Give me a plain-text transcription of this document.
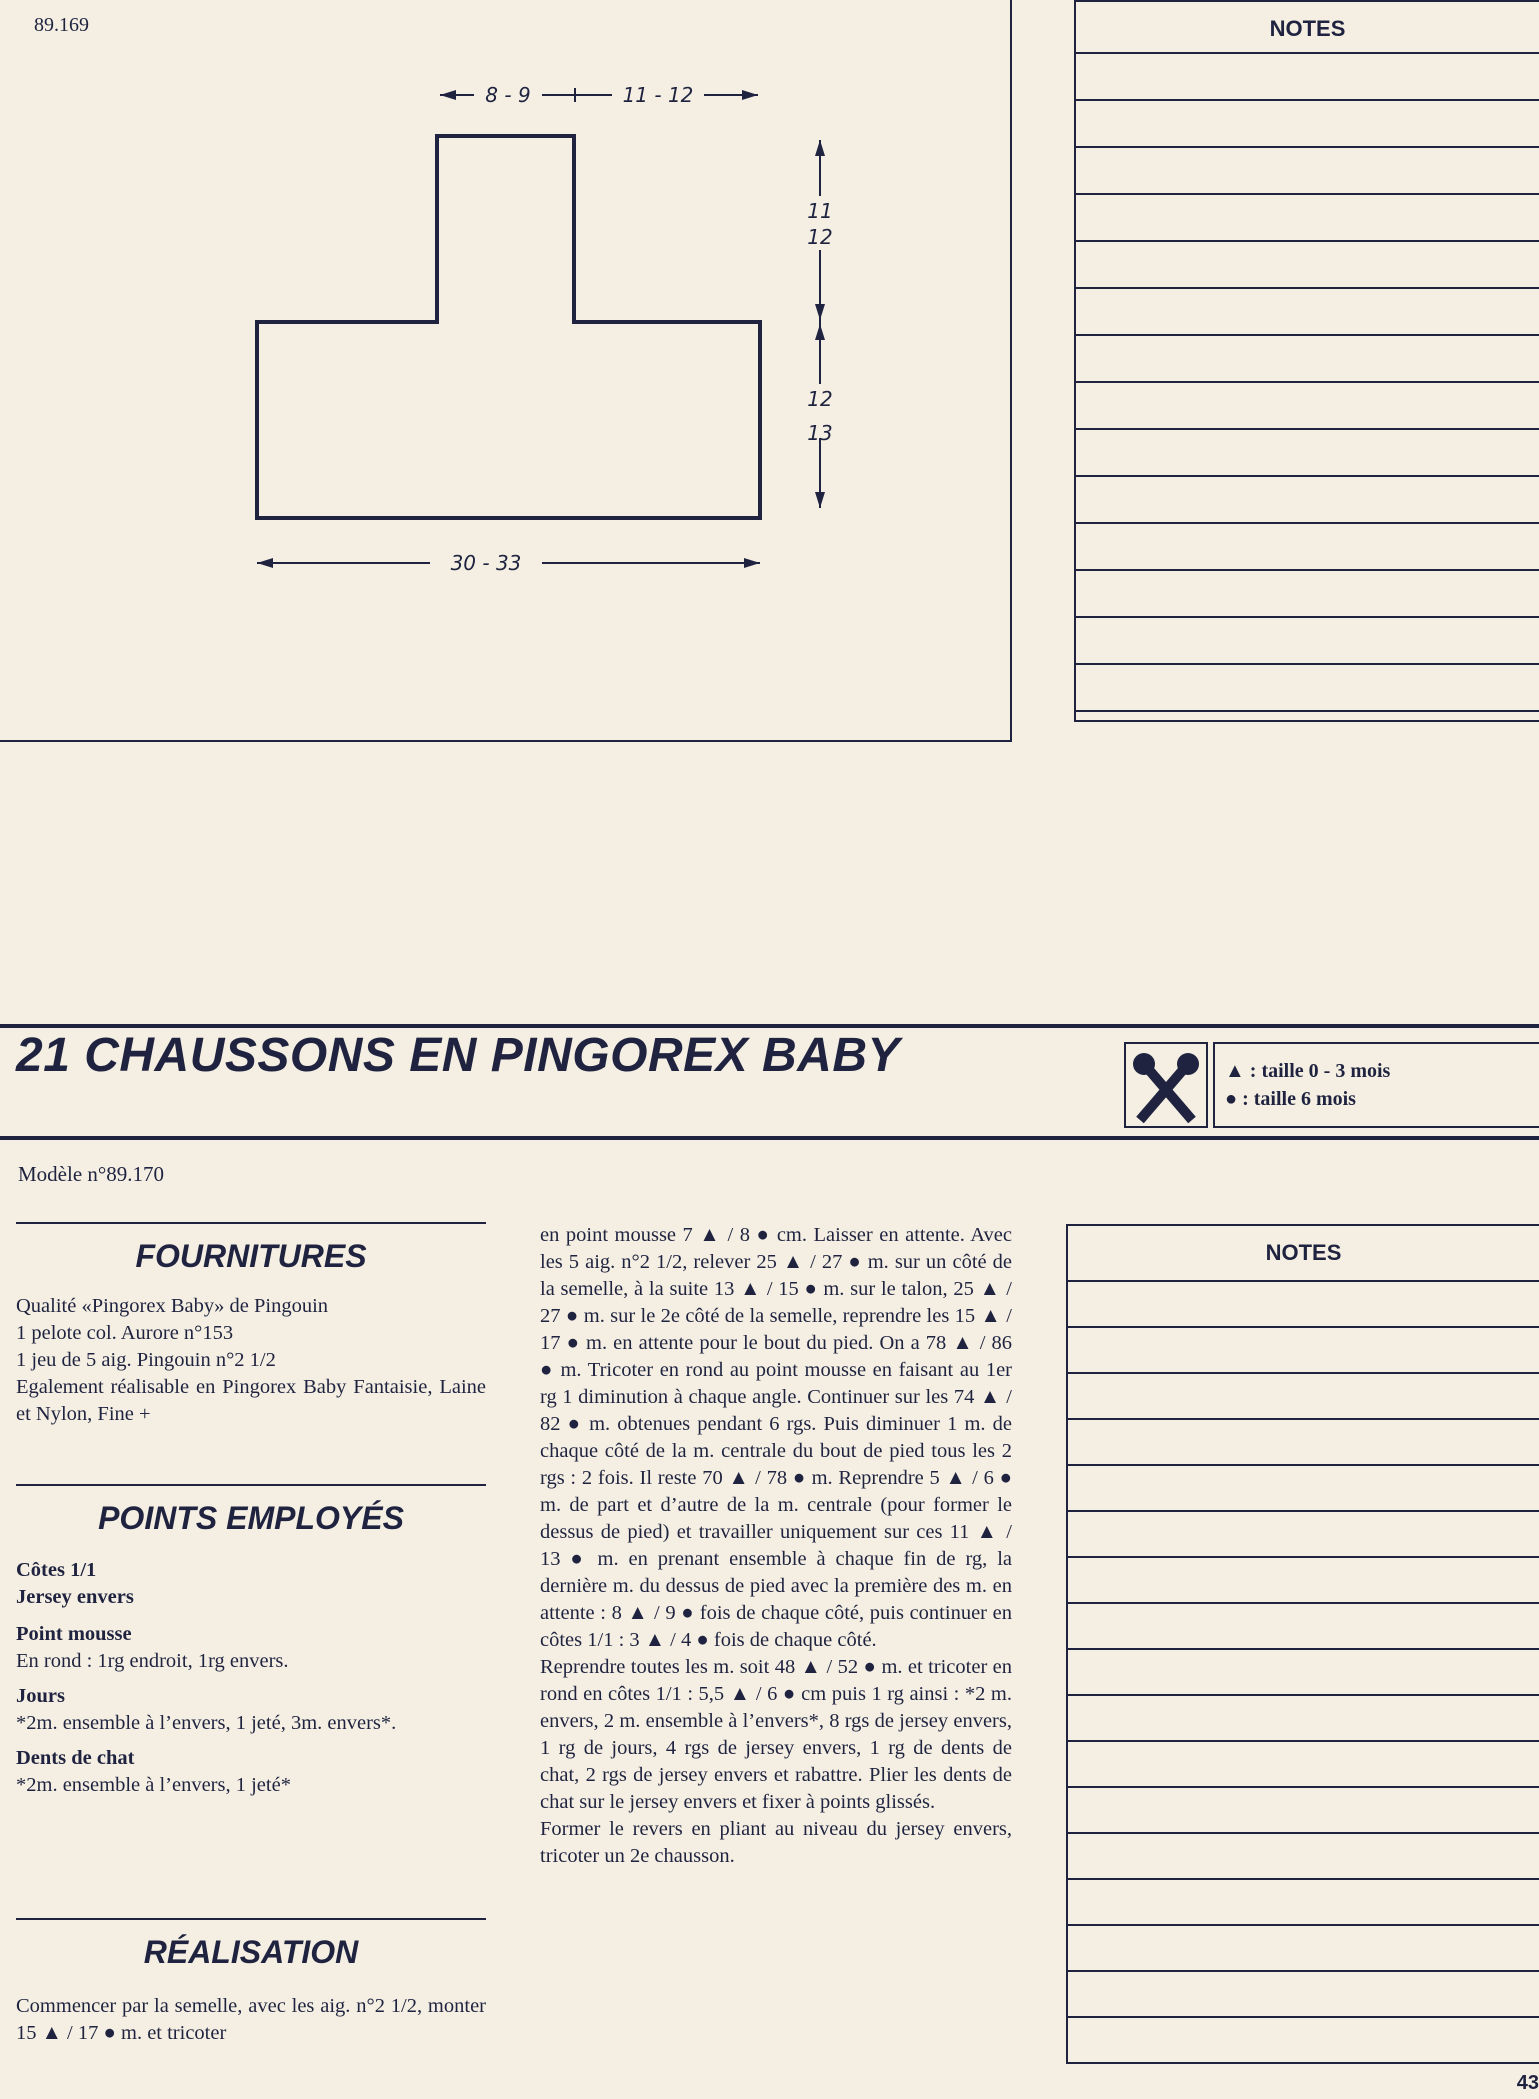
89.169
8 - 9	11 - 12
11
12
12
13
30 - 33
NOTES
21 CHAUSSONS EN PINGOREX BABY	▲ : taille 0 - 3 mois
● : taille 6 mois
Modèle n°89.170
FOURNITURES

Qualité «Pingorex Baby» de Pingouin

1 pelote col. Aurore n°153

1 jeu de 5 aig. Pingouin n°2 1/2

Egalement réalisable en Pingorex Baby Fantaisie, Laine et Nylon, Fine +

POINTS EMPLOYÉS

Côtes 1/1

Jersey envers

Point mousse

En rond : 1rg endroit, 1rg envers.

Jours

*2m. ensemble à l’envers, 1 jeté, 3m. envers*.

Dents de chat

*2m. ensemble à l’envers, 1 jeté*

RÉALISATION
Commencer par la semelle, avec les aig. n°2 1/2, monter 15 ▲ / 17 ● m. et tricoter

en point mousse 7 ▲ / 8 ● cm. Laisser en attente. Avec les 5 aig. n°2 1/2, relever 25 ▲ / 27 ● m. sur un côté de la semelle, à la suite 13 ▲ / 15 ● m. sur le talon, 25 ▲ / 27 ● m. sur le 2e côté de la semelle, reprendre les 15 ▲ / 17 ● m. en attente pour le bout du pied. On a 78 ▲ / 86 ● m. Tricoter en rond au point mousse en faisant au 1er rg 1 diminution à chaque angle. Continuer sur les 74 ▲ / 82 ● m. obtenues pendant 6 rgs. Puis diminuer 1 m. de chaque côté de la m. centrale du bout de pied tous les 2 rgs : 2 fois. Il reste 70 ▲ / 78 ● m. Reprendre 5 ▲ / 6 ● m. de part et d’autre de la m. centrale (pour former le dessus de pied) et travailler uniquement sur ces 11 ▲ / 13 ● m. en prenant ensemble à chaque fin de rg, la dernière m. du dessus de pied avec la première des m. en attente : 8 ▲ / 9 ● fois de chaque côté, puis continuer en côtes 1/1 : 3 ▲ / 4 ● fois de chaque côté.

Reprendre toutes les m. soit 48 ▲ / 52 ● m. et tricoter en rond en côtes 1/1 : 5,5 ▲ / 6 ● cm puis 1 rg ainsi : *2 m. envers, 2 m. ensemble à l’envers*, 8 rgs de jersey envers, 1 rg de jours, 4 rgs de jersey envers, 1 rg de dents de chat, 2 rgs de jersey envers et rabattre. Plier les dents de chat sur le jersey envers et fixer à points glissés.

Former le revers en pliant au niveau du jersey envers, tricoter un 2e chausson.

NOTES
43
